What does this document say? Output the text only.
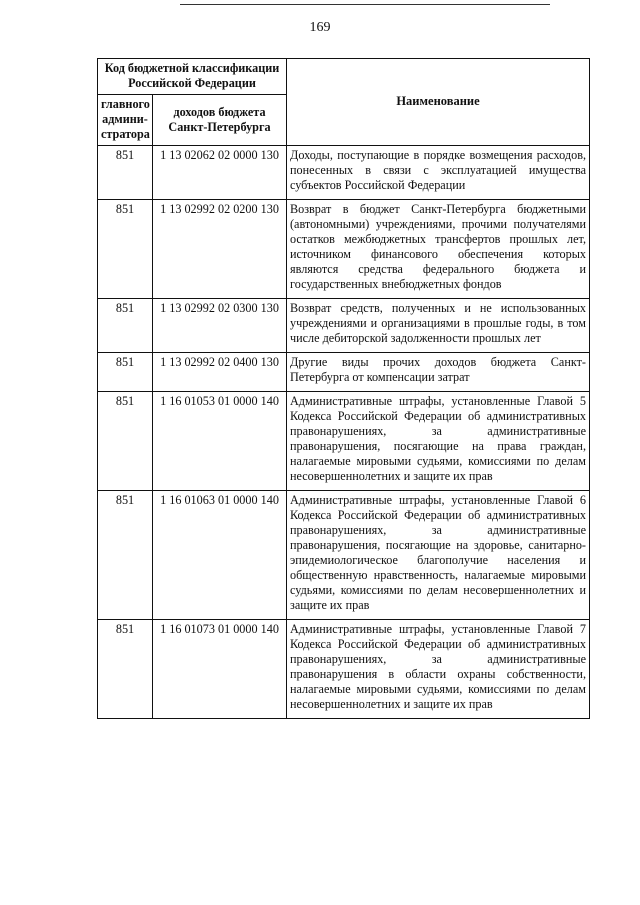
169
Код бюджетной классификации Российской Федерации		Наименование
главного админи-стратора	доходов бюджета Санкт-Петербурга	
851	1 13 02062 02 0000 130	Доходы, поступающие в порядке возмещения расходов, понесенных в связи с эксплуатацией имущества субъектов Российской Федерации
851	1 13 02992 02 0200 130	Возврат в бюджет Санкт-Петербурга бюджетными (автономными) учреждениями, прочими получателями остатков межбюджетных трансфертов прошлых лет, источником финансового обеспечения которых являются средства федерального бюджета и государственных внебюджетных фондов
851	1 13 02992 02 0300 130	Возврат средств, полученных и не использованных учреждениями и организациями в прошлые годы, в том числе дебиторской задолженности прошлых лет
851	1 13 02992 02 0400 130	Другие виды прочих доходов бюджета Санкт-Петербурга от компенсации затрат
851	1 16 01053 01 0000 140	Административные штрафы, установленные Главой 5 Кодекса Российской Федерации об административных правонарушениях, за административные правонарушения, посягающие на права граждан, налагаемые мировыми судьями, комиссиями по делам несовершеннолетних и защите их прав
851	1 16 01063 01 0000 140	Административные штрафы, установленные Главой 6 Кодекса Российской Федерации об административных правонарушениях, за административные правонарушения, посягающие на здоровье, санитарно-эпидемиологическое благополучие населения и общественную нравственность, налагаемые мировыми судьями, комиссиями по делам несовершеннолетних и защите их прав
851	1 16 01073 01 0000 140	Административные штрафы, установленные Главой 7 Кодекса Российской Федерации об административных правонарушениях, за административные правонарушения в области охраны собственности, налагаемые мировыми судьями, комиссиями по делам несовершеннолетних и защите их прав
